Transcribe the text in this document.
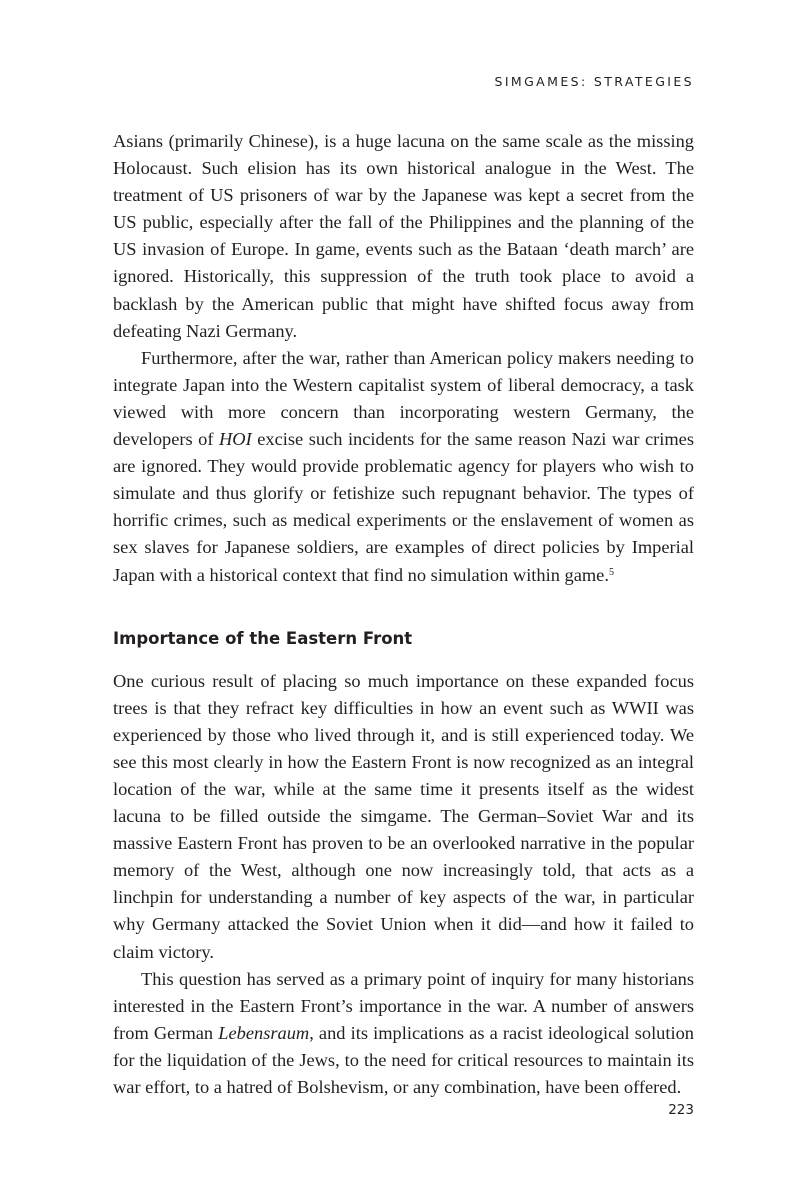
SIMGAMES: STRATEGIES

Asians (primarily Chinese), is a huge lacuna on the same scale as the missing Holocaust. Such elision has its own historical analogue in the West. The treatment of US prisoners of war by the Japanese was kept a secret from the US public, especially after the fall of the Philippines and the planning of the US invasion of Europe. In game, events such as the Bataan ‘death march’ are ignored. Historically, this suppression of the truth took place to avoid a backlash by the American public that might have shifted focus away from defeating Nazi Germany.

Furthermore, after the war, rather than American policy makers needing to integrate Japan into the Western capitalist system of liberal democracy, a task viewed with more concern than incorporating western Germany, the developers of HOI excise such incidents for the same reason Nazi war crimes are ignored. They would provide problematic agency for players who wish to simulate and thus glorify or fetishize such repugnant behavior. The types of horrific crimes, such as medical experiments or the enslavement of women as sex slaves for Japanese soldiers, are examples of direct policies by Imperial Japan with a historical context that find no simulation within game.$^5$

Importance of the Eastern Front

One curious result of placing so much importance on these expanded focus trees is that they refract key difficulties in how an event such as WWII was experienced by those who lived through it, and is still experienced today. We see this most clearly in how the Eastern Front is now recognized as an integral location of the war, while at the same time it presents itself as the widest lacuna to be filled outside the simgame. The German–Soviet War and its massive Eastern Front has proven to be an overlooked narrative in the popular memory of the West, although one now increasingly told, that acts as a linchpin for understanding a number of key aspects of the war, in particular why Germany attacked the Soviet Union when it did—and how it failed to claim victory.

This question has served as a primary point of inquiry for many historians interested in the Eastern Front’s importance in the war. A number of answers from German Lebensraum, and its implications as a racist ideological solution for the liquidation of the Jews, to the need for critical resources to maintain its war effort, to a hatred of Bolshevism, or any combination, have been offered.

223
